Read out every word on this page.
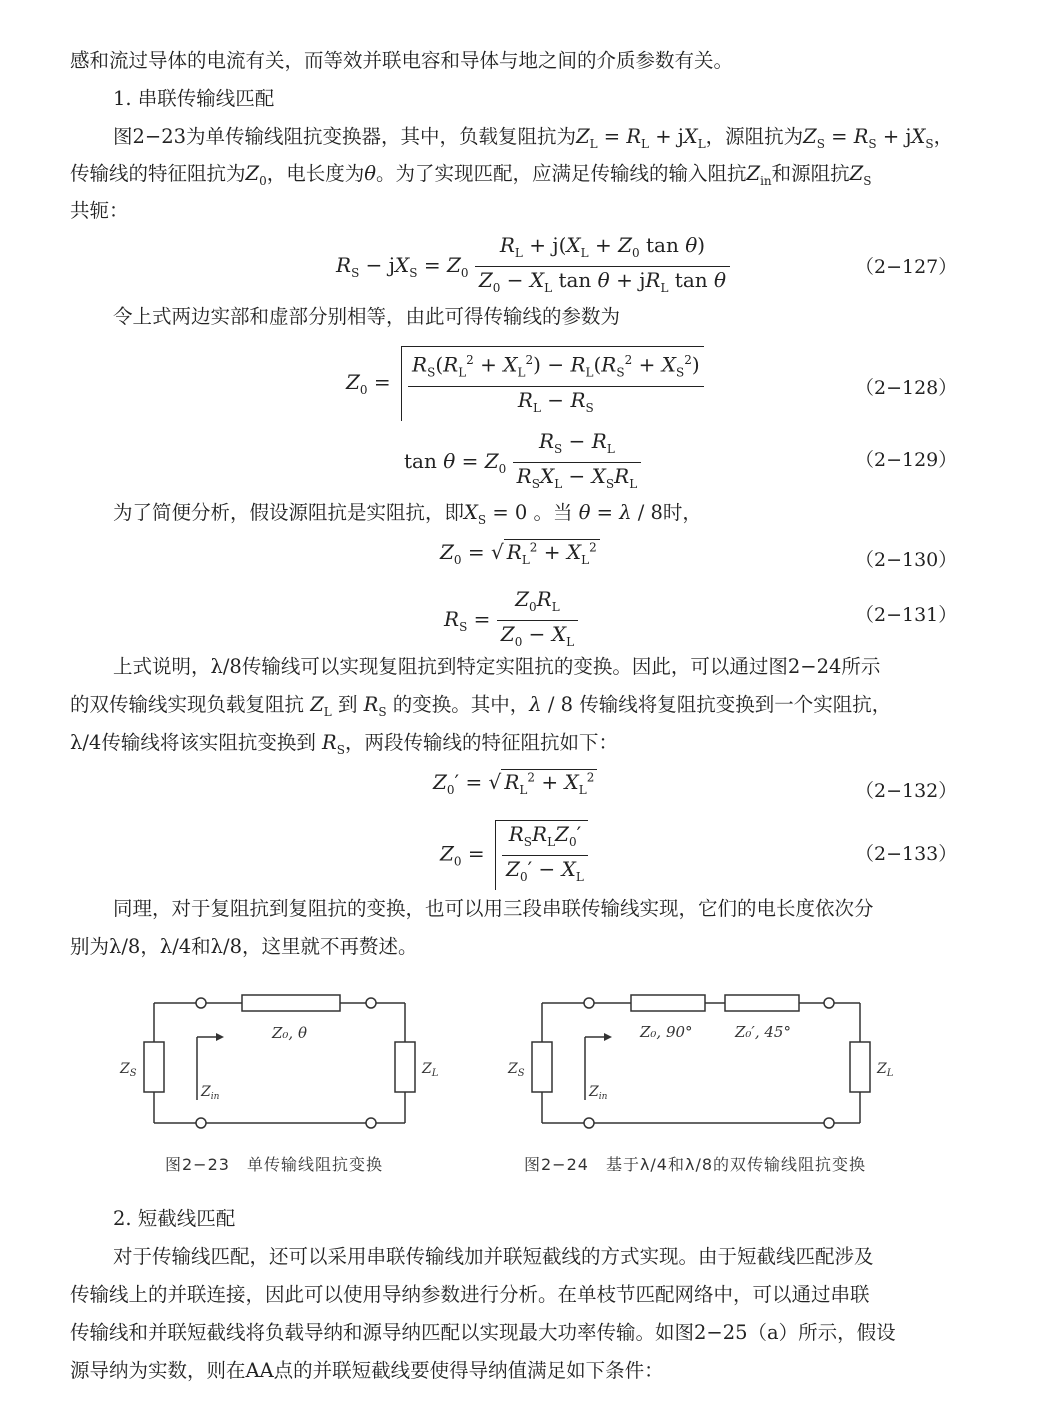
感和流过导体的电流有关，而等效并联电容和导体与地之间的介质参数有关。
1. 串联传输线匹配
图2−23为单传输线阻抗变换器，其中，负载复阻抗为$Z_L = R_L + jX_L$，源阻抗为$Z_S = R_S + jX_S$，
传输线的特征阻抗为$Z_0$，电长度为θ。为了实现匹配，应满足传输线的输入阻抗$Z_{in}$和源阻抗$Z_S$
共轭：
$R_S - jX_S = Z_0 \frac{R_L + j(X_L + Z_0 \tan \theta)}{Z_0 - X_L \tan \theta + jR_L \tan \theta}$	（2−127）
令上式两边实部和虚部分别相等，由此可得传输线的参数为
$Z_0 = \frac{R_S(R_L^2 + X_L^2) - R_L(R_S^2 + X_S^2)}{R_L - R_S}$	（2−128）
$\tan \theta = Z_0 \frac{R_S - R_L}{R_SX_L - X_SR_L}$	（2−129）
为了简便分析，假设源阻抗是实阻抗，即$X_S = 0$ 。当 θ = λ / 8时，
$Z_0$ = √ $R_L^2 + X_L^2$
（2−130）
$R_S = \frac{Z_0R_L}{Z_0 - X_L}$	（2−131）
上式说明，λ/8传输线可以实现复阻抗到特定实阻抗的变换。因此，可以通过图2−24所示
的双传输线实现负载复阻抗 $Z_L$ 到 $R_S$ 的变换。其中，λ / 8 传输线将复阻抗变换到一个实阻抗，
λ/4传输线将该实阻抗变换到 $R_S$，两段传输线的特征阻抗如下：
$Z_0'$ = √ $R_L^2 + X_L^2$
（2−132）
$Z_0 = \frac{R_SR_LZ_0'}{Z_0' - X_L}$	（2−133）
同理，对于复阻抗到复阻抗的变换，也可以用三段串联传输线实现，它们的电长度依次分
别为λ/8，λ/4和λ/8，这里就不再赘述。
Z₀, θ
$Z_S$	$Z_L$
$Z_{in}$
图2−23　单传输线阻抗变换
Z₀, 90°	Z₀′, 45°
$Z_S$	$Z_L$
$Z_{in}$
图2−24　基于λ/4和λ/8的双传输线阻抗变换
2. 短截线匹配
对于传输线匹配，还可以采用串联传输线加并联短截线的方式实现。由于短截线匹配涉及
传输线上的并联连接，因此可以使用导纳参数进行分析。在单枝节匹配网络中，可以通过串联
传输线和并联短截线将负载导纳和源导纳匹配以实现最大功率传输。如图2−25（a）所示，假设
源导纳为实数，则在AA点的并联短截线要使得导纳值满足如下条件：
